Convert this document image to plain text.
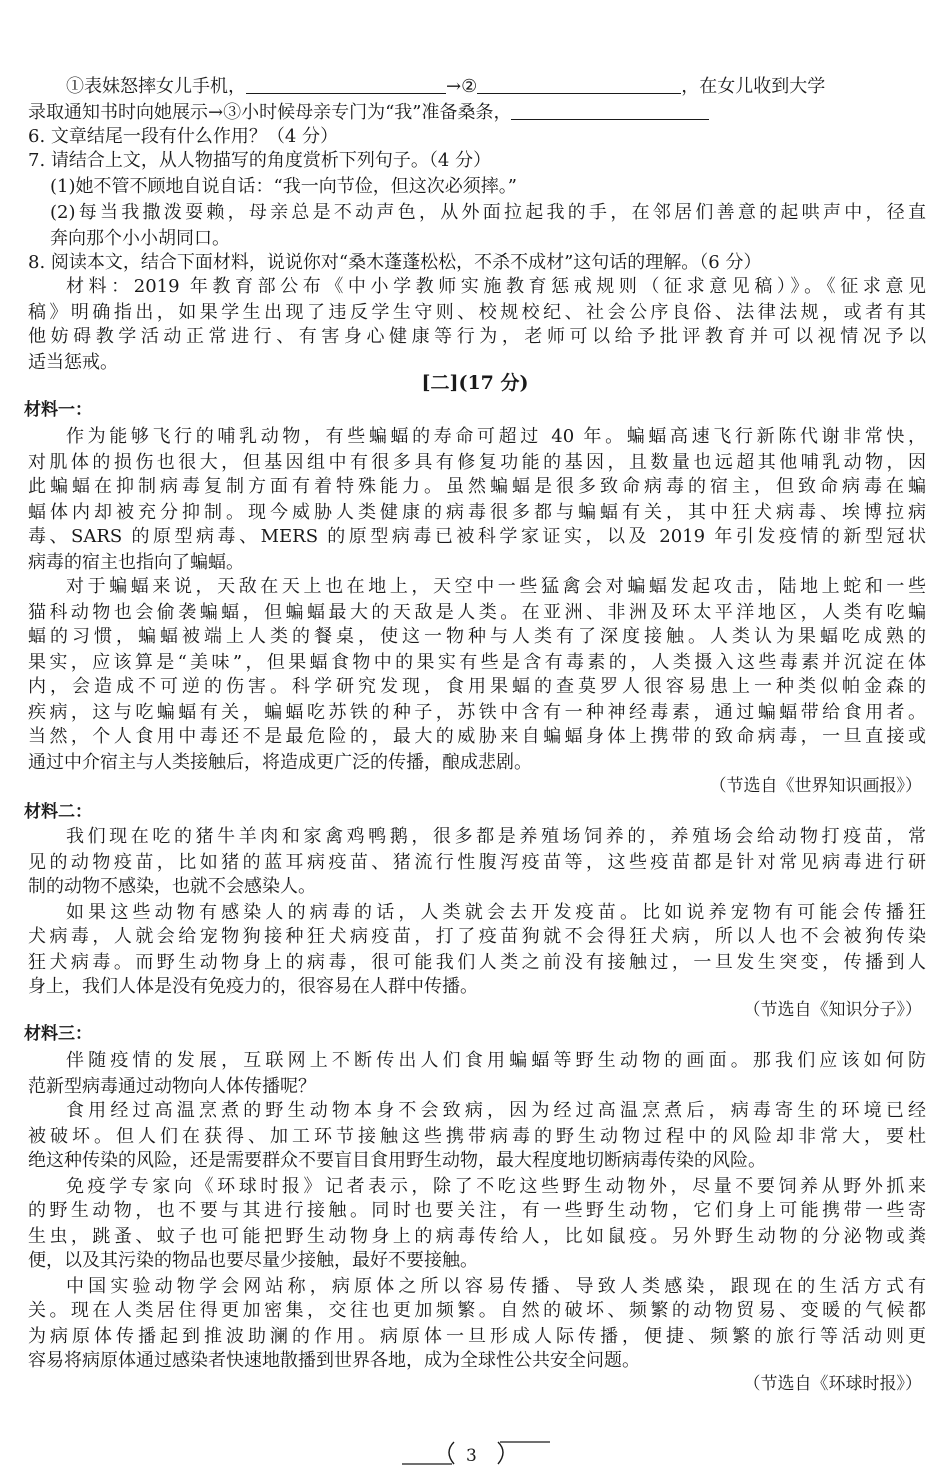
①表妹怒摔女儿手机，	→②	，在女儿收到大学
录取通知书时向她展示→③小时候母亲专门为“我”准备桑条，
6. 文章结尾一段有什么作用？（4 分）
7. 请结合上文，从人物描写的角度赏析下列句子。（4 分）
(1)她不管不顾地自说自话：“我一向节俭，但这次必须摔。”
(2)每当我撒泼耍赖，母亲总是不动声色，从外面拉起我的手，在邻居们善意的起哄声中，径直
奔向那个小小胡同口。
8. 阅读本文，结合下面材料，说说你对“桑木蓬蓬松松，不杀不成材”这句话的理解。（6 分）
材料：2019 年教育部公布《中小学教师实施教育惩戒规则（征求意见稿）》。《征求意见
稿》明确指出，如果学生出现了违反学生守则、校规校纪、社会公序良俗、法律法规，或者有其
他妨碍教学活动正常进行、有害身心健康等行为，老师可以给予批评教育并可以视情况予以
适当惩戒。
[二](17 分)
材料一：
作为能够飞行的哺乳动物，有些蝙蝠的寿命可超过 40 年。蝙蝠高速飞行新陈代谢非常快，
对肌体的损伤也很大，但基因组中有很多具有修复功能的基因，且数量也远超其他哺乳动物，因
此蝙蝠在抑制病毒复制方面有着特殊能力。虽然蝙蝠是很多致命病毒的宿主，但致命病毒在蝙
蝠体内却被充分抑制。现今威胁人类健康的病毒很多都与蝙蝠有关，其中狂犬病毒、埃博拉病
毒、SARS 的原型病毒、MERS 的原型病毒已被科学家证实，以及 2019 年引发疫情的新型冠状
病毒的宿主也指向了蝙蝠。
对于蝙蝠来说，天敌在天上也在地上，天空中一些猛禽会对蝙蝠发起攻击，陆地上蛇和一些
猫科动物也会偷袭蝙蝠，但蝙蝠最大的天敌是人类。在亚洲、非洲及环太平洋地区，人类有吃蝙
蝠的习惯，蝙蝠被端上人类的餐桌，使这一物种与人类有了深度接触。人类认为果蝠吃成熟的
果实，应该算是“美味”，但果蝠食物中的果实有些是含有毒素的，人类摄入这些毒素并沉淀在体
内，会造成不可逆的伤害。科学研究发现，食用果蝠的查莫罗人很容易患上一种类似帕金森的
疾病，这与吃蝙蝠有关，蝙蝠吃苏铁的种子，苏铁中含有一种神经毒素，通过蝙蝠带给食用者。
当然，个人食用中毒还不是最危险的，最大的威胁来自蝙蝠身体上携带的致命病毒，一旦直接或
通过中介宿主与人类接触后，将造成更广泛的传播，酿成悲剧。
（节选自《世界知识画报》）
材料二：
我们现在吃的猪牛羊肉和家禽鸡鸭鹅，很多都是养殖场饲养的，养殖场会给动物打疫苗，常
见的动物疫苗，比如猪的蓝耳病疫苗、猪流行性腹泻疫苗等，这些疫苗都是针对常见病毒进行研
制的动物不感染，也就不会感染人。
如果这些动物有感染人的病毒的话，人类就会去开发疫苗。比如说养宠物有可能会传播狂
犬病毒，人就会给宠物狗接种狂犬病疫苗，打了疫苗狗就不会得狂犬病，所以人也不会被狗传染
狂犬病毒。而野生动物身上的病毒，很可能我们人类之前没有接触过，一旦发生突变，传播到人
身上，我们人体是没有免疫力的，很容易在人群中传播。
（节选自《知识分子》）
材料三：
伴随疫情的发展，互联网上不断传出人们食用蝙蝠等野生动物的画面。那我们应该如何防
范新型病毒通过动物向人体传播呢？
食用经过高温烹煮的野生动物本身不会致病，因为经过高温烹煮后，病毒寄生的环境已经
被破坏。但人们在获得、加工环节接触这些携带病毒的野生动物过程中的风险却非常大，要杜
绝这种传染的风险，还是需要群众不要盲目食用野生动物，最大程度地切断病毒传染的风险。
免疫学专家向《环球时报》记者表示，除了不吃这些野生动物外，尽量不要饲养从野外抓来
的野生动物，也不要与其进行接触。同时也要关注，有一些野生动物，它们身上可能携带一些寄
生虫，跳蚤、蚊子也可能把野生动物身上的病毒传给人，比如鼠疫。另外野生动物的分泌物或粪
便，以及其污染的物品也要尽量少接触，最好不要接触。
中国实验动物学会网站称，病原体之所以容易传播、导致人类感染，跟现在的生活方式有
关。现在人类居住得更加密集，交往也更加频繁。自然的破坏、频繁的动物贸易、变暖的气候都
为病原体传播起到推波助澜的作用。病原体一旦形成人际传播，便捷、频繁的旅行等活动则更
容易将病原体通过感染者快速地散播到世界各地，成为全球性公共安全问题。
（节选自《环球时报》）
3
